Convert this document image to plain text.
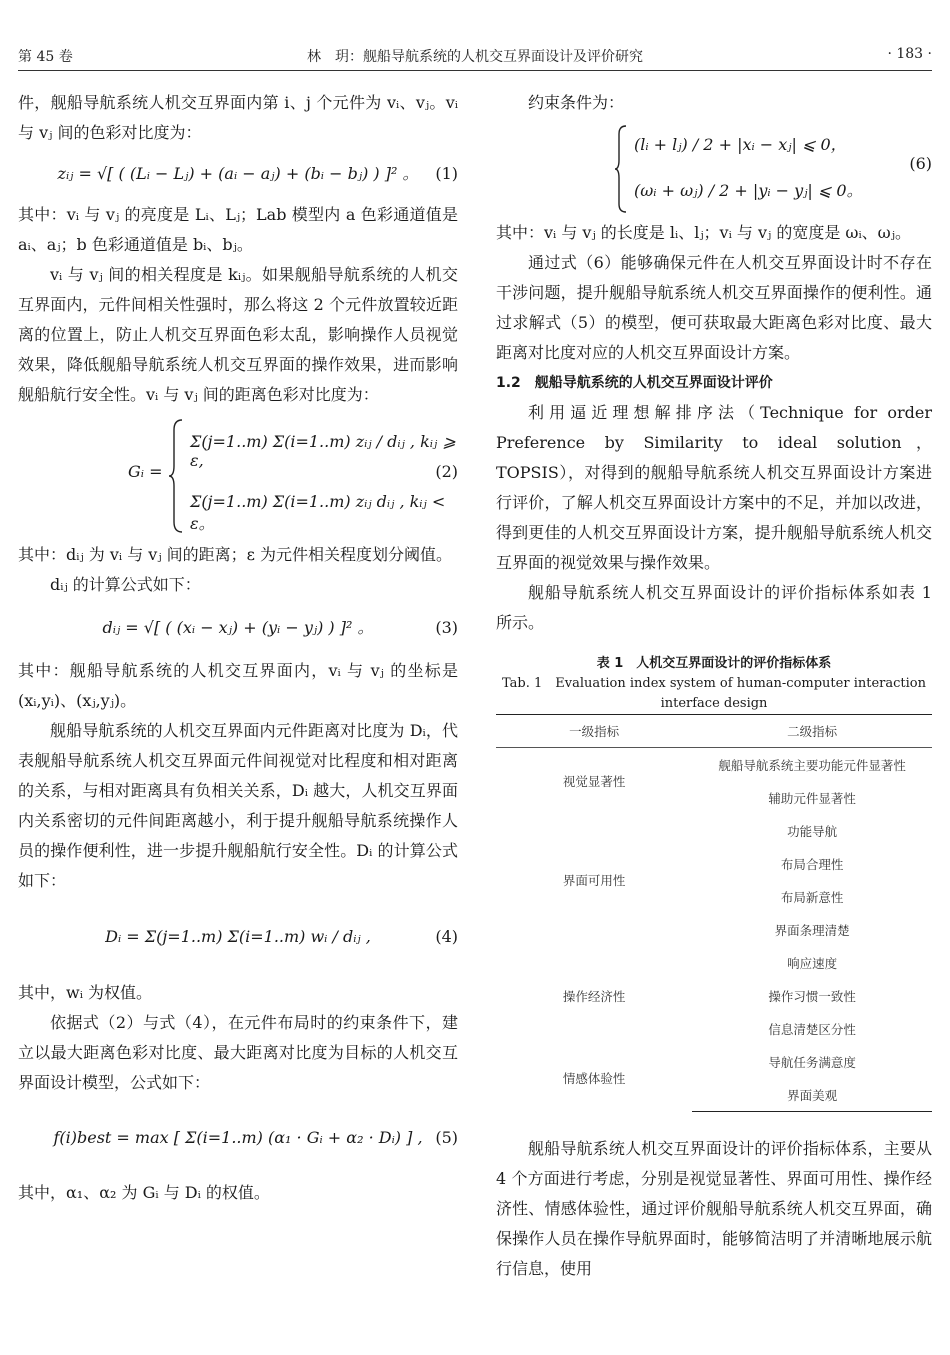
第 45 卷	林　玥：舰船导航系统的人机交互界面设计及评价研究	· 183 ·

件，舰船导航系统人机交互界面内第 i、j 个元件为 vᵢ、vⱼ。vᵢ 与 vⱼ 间的色彩对比度为：

zᵢⱼ = √[ ( (Lᵢ − Lⱼ) + (aᵢ − aⱼ) + (bᵢ − bⱼ) ) ]² 。	(1)

其中：vᵢ 与 vⱼ 的亮度是 Lᵢ、Lⱼ；Lab 模型内 a 色彩通道值是 aᵢ、aⱼ；b 色彩通道值是 bᵢ、bⱼ。

vᵢ 与 vⱼ 间的相关程度是 kᵢⱼ。如果舰船导航系统的人机交互界面内，元件间相关性强时，那么将这 2 个元件放置较近距离的位置上，防止人机交互界面色彩太乱，影响操作人员视觉效果，降低舰船导航系统人机交互界面的操作效果，进而影响舰船航行安全性。vᵢ 与 vⱼ 间的距离色彩对比度为：

Gᵢ =
Σ(j=1..m) Σ(i=1..m) zᵢⱼ / dᵢⱼ , kᵢⱼ ⩾ ε,
Σ(j=1..m) Σ(i=1..m) zᵢⱼ dᵢⱼ , kᵢⱼ < ε。
(2)

其中：dᵢⱼ 为 vᵢ 与 vⱼ 间的距离；ε 为元件相关程度划分阈值。

dᵢⱼ 的计算公式如下：

dᵢⱼ = √[ ( (xᵢ − xⱼ) + (yᵢ − yⱼ) ) ]² 。	(3)

其中：舰船导航系统的人机交互界面内，vᵢ 与 vⱼ 的坐标是 (xᵢ,yᵢ)、(xⱼ,yⱼ)。

舰船导航系统的人机交互界面内元件距离对比度为 Dᵢ，代表舰船导航系统人机交互界面元件间视觉对比程度和相对距离的关系，与相对距离具有负相关关系，Dᵢ 越大，人机交互界面内关系密切的元件间距离越小，利于提升舰船导航系统操作人员的操作便利性，进一步提升舰船航行安全性。Dᵢ 的计算公式如下：

Dᵢ = Σ(j=1..m) Σ(i=1..m) wᵢ / dᵢⱼ ,	(4)

其中，wᵢ 为权值。

依据式（2）与式（4），在元件布局时的约束条件下，建立以最大距离色彩对比度、最大距离对比度为目标的人机交互界面设计模型，公式如下：

f(i)best = max [ Σ(i=1..m) (α₁ · Gᵢ + α₂ · Dᵢ) ] , (5)

其中，α₁、α₂ 为 Gᵢ 与 Dᵢ 的权值。

约束条件为：

(lᵢ + lⱼ) / 2 + |xᵢ − xⱼ| ⩽ 0，
(ωᵢ + ωⱼ) / 2 + |yᵢ − yⱼ| ⩽ 0。
(6)

其中：vᵢ 与 vⱼ 的长度是 lᵢ、lⱼ；vᵢ 与 vⱼ 的宽度是 ωᵢ、ωⱼ。

通过式（6）能够确保元件在人机交互界面设计时不存在干涉问题，提升舰船导航系统人机交互界面操作的便利性。通过求解式（5）的模型，便可获取最大距离色彩对比度、最大距离对比度对应的人机交互界面设计方案。

1.2　舰船导航系统的人机交互界面设计评价

利用逼近理想解排序法（Technique for order Preference by Similarity to ideal solution，TOPSIS），对得到的舰船导航系统人机交互界面设计方案进行评价，了解人机交互界面设计方案中的不足，并加以改进，得到更佳的人机交互界面设计方案，提升舰船导航系统人机交互界面的视觉效果与操作效果。

舰船导航系统人机交互界面设计的评价指标体系如表 1 所示。

表 1　人机交互界面设计的评价指标体系
Tab. 1　Evaluation index system of human-computer interaction interface design
一级指标	二级指标
视觉显著性	舰船导航系统主要功能元件显著性
	辅助元件显著性
界面可用性	功能导航
	布局合理性
	布局新意性
	界面条理清楚
操作经济性	响应速度
	操作习惯一致性
	信息清楚区分性
情感体验性	导航任务满意度
	界面美观

舰船导航系统人机交互界面设计的评价指标体系，主要从 4 个方面进行考虑，分别是视觉显著性、界面可用性、操作经济性、情感体验性，通过评价舰船导航系统人机交互界面，确保操作人员在操作导航界面时，能够简洁明了并清晰地展示航行信息，使用
